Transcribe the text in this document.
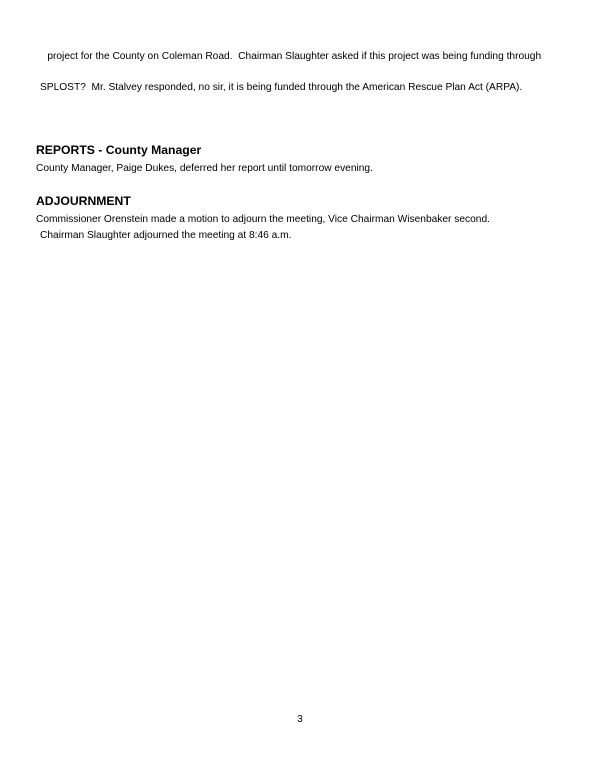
project for the County on Coleman Road.  Chairman Slaughter asked if this project was being funding through

SPLOST?  Mr. Stalvey responded, no sir, it is being funded through the American Rescue Plan Act (ARPA).

REPORTS - County Manager

County Manager, Paige Dukes, deferred her report until tomorrow evening.

ADJOURNMENT

Commissioner Orenstein made a motion to adjourn the meeting, Vice Chairman Wisenbaker second.
Chairman Slaughter adjourned the meeting at 8:46 a.m.

3
